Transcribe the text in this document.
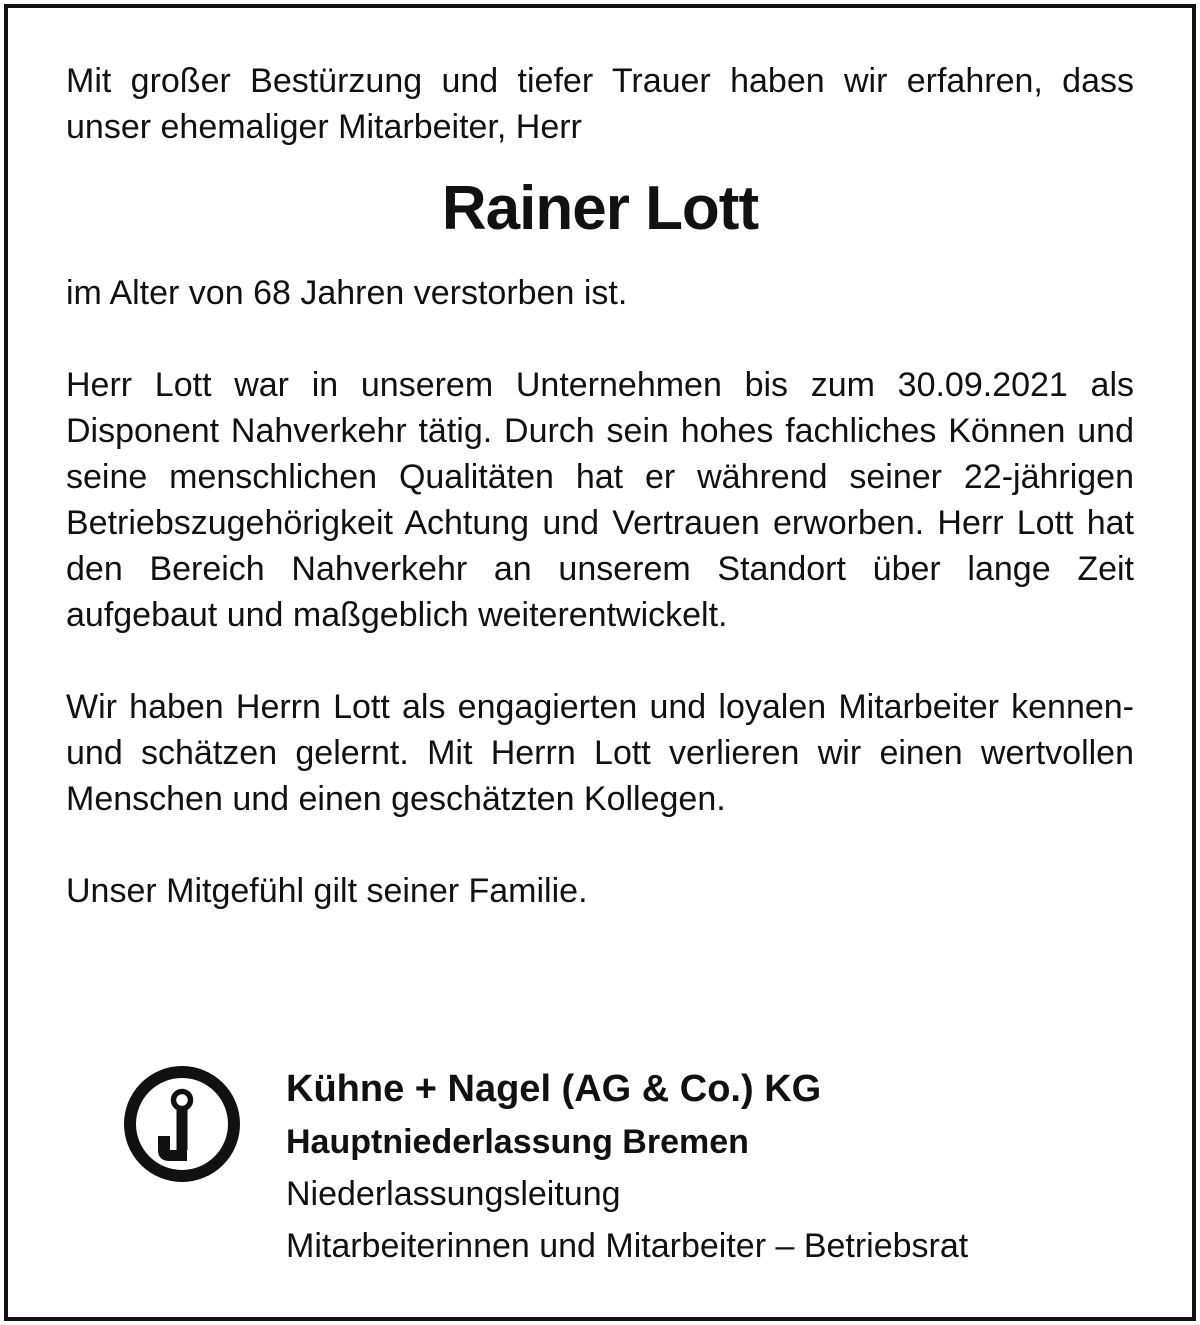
Mit großer Bestürzung und tiefer Trauer haben wir erfahren, dass unser ehemaliger Mitarbeiter, Herr

Rainer Lott

im Alter von 68 Jahren verstorben ist.

Herr Lott war in unserem Unternehmen bis zum 30.09.2021 als Disponent Nahverkehr tätig. Durch sein hohes fachliches Können und seine menschlichen Qualitäten hat er während seiner 22-jährigen Betriebszugehörigkeit Achtung und Vertrauen erworben. Herr Lott hat den Bereich Nahverkehr an unserem Standort über lange Zeit aufgebaut und maßgeblich weiterentwickelt.

Wir haben Herrn Lott als engagierten und loyalen Mitarbeiter kennen- und schätzen gelernt. Mit Herrn Lott verlieren wir einen wertvollen Menschen und einen geschätzten Kollegen.

Unser Mitgefühl gilt seiner Familie.

Kühne + Nagel (AG & Co.) KG

Hauptniederlassung Bremen

Niederlassungsleitung

Mitarbeiterinnen und Mitarbeiter – Betriebsrat
